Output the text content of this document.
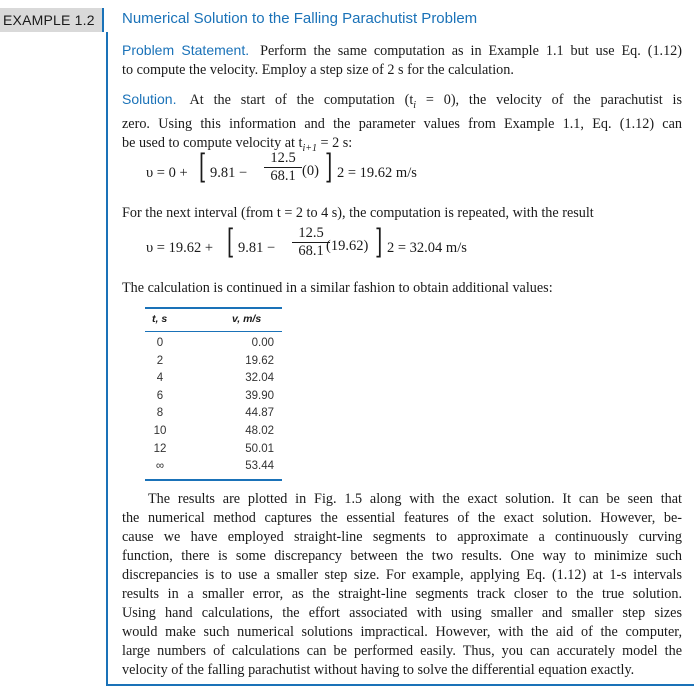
EXAMPLE 1.2	Numerical Solution to the Falling Parachutist Problem
Problem Statement. Perform the same computation as in Example 1.1 but use Eq. (1.12)
to compute the velocity. Employ a step size of 2 s for the calculation.
Solution. At the start of the computation $(t_i = 0)$, the velocity of the parachutist is
zero. Using this information and the parameter values from Example 1.1, Eq. (1.12) can
be used to compute velocity at $t_{i+1} = 2$ s:
υ = 0 + [ $9.81 - \frac{12.5}{68.1} (0)$ ] 2 = 19.62 m/s
For the next interval (from t = 2 to 4 s), the computation is repeated, with the result
υ = 19.62 + [ $9.81 - \frac{12.5}{68.1}$
(19.62) ] 2 = 32.04 m/s
The calculation is continued in a similar fashion to obtain additional values:
t, s	v, m/s
0	0.00
2	19.62
4	32.04
6	39.90
8	44.87
10	48.02
12	50.01
∞	53.44
The results are plotted in Fig. 1.5 along with the exact solution. It can be seen that
the numerical method captures the essential features of the exact solution. However, be-
cause we have employed straight-line segments to approximate a continuously curving
function, there is some discrepancy between the two results. One way to minimize such
discrepancies is to use a smaller step size. For example, applying Eq. (1.12) at 1-s intervals
results in a smaller error, as the straight-line segments track closer to the true solution.
Using hand calculations, the effort associated with using smaller and smaller step sizes
would make such numerical solutions impractical. However, with the aid of the computer,
large numbers of calculations can be performed easily. Thus, you can accurately model the
velocity of the falling parachutist without having to solve the differential equation exactly.
